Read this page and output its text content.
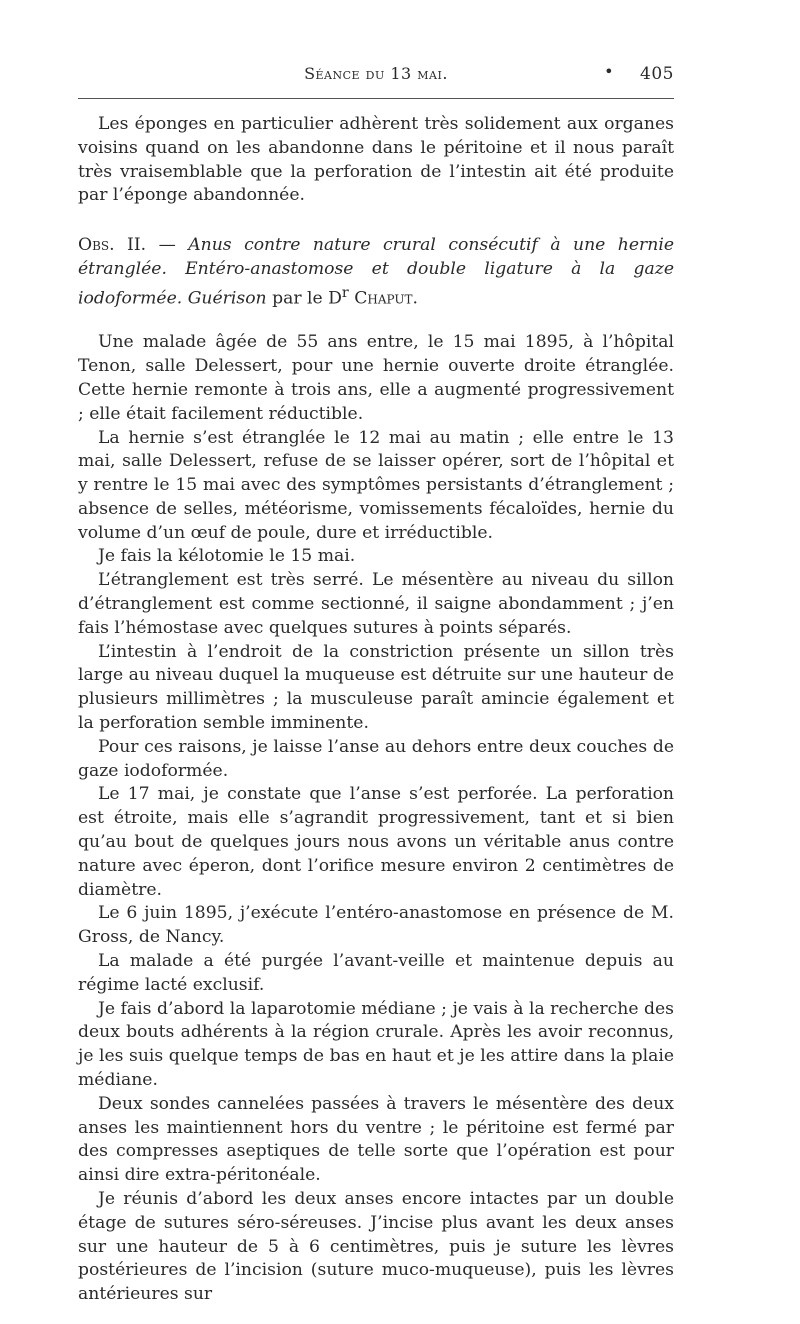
Séance du 13 mai.	• 405

Les éponges en particulier adhèrent très solidement aux organes voisins quand on les abandonne dans le péritoine et il nous paraît très vraisemblable que la perforation de l’intestin ait été produite par l’éponge abandonnée.

Obs. II. — Anus contre nature crural consécutif à une hernie étranglée. Entéro-anastomose et double ligature à la gaze iodoformée. Guérison par le $D^r$ Chaput.

Une malade âgée de 55 ans entre, le 15 mai 1895, à l’hôpital Tenon, salle Delessert, pour une hernie ouverte droite étranglée. Cette hernie remonte à trois ans, elle a augmenté progressivement ; elle était facilement réductible.

La hernie s’est étranglée le 12 mai au matin ; elle entre le 13 mai, salle Delessert, refuse de se laisser opérer, sort de l’hôpital et y rentre le 15 mai avec des symptômes persistants d’étranglement ; absence de selles, météorisme, vomissements fécaloïdes, hernie du volume d’un œuf de poule, dure et irréductible.

Je fais la kélotomie le 15 mai.

L’étranglement est très serré. Le mésentère au niveau du sillon d’étranglement est comme sectionné, il saigne abondamment ; j’en fais l’hémostase avec quelques sutures à points séparés.

L’intestin à l’endroit de la constriction présente un sillon très large au niveau duquel la muqueuse est détruite sur une hauteur de plusieurs millimètres ; la musculeuse paraît amincie également et la perforation semble imminente.

Pour ces raisons, je laisse l’anse au dehors entre deux couches de gaze iodoformée.

Le 17 mai, je constate que l’anse s’est perforée. La perforation est étroite, mais elle s’agrandit progressivement, tant et si bien qu’au bout de quelques jours nous avons un véritable anus contre nature avec éperon, dont l’orifice mesure environ 2 centimètres de diamètre.

Le 6 juin 1895, j’exécute l’entéro-anastomose en présence de M. Gross, de Nancy.

La malade a été purgée l’avant-veille et maintenue depuis au régime lacté exclusif.

Je fais d’abord la laparotomie médiane ; je vais à la recherche des deux bouts adhérents à la région crurale. Après les avoir reconnus, je les suis quelque temps de bas en haut et je les attire dans la plaie médiane.

Deux sondes cannelées passées à travers le mésentère des deux anses les maintiennent hors du ventre ; le péritoine est fermé par des compresses aseptiques de telle sorte que l’opération est pour ainsi dire extra-péritonéale.

Je réunis d’abord les deux anses encore intactes par un double étage de sutures séro-séreuses. J’incise plus avant les deux anses sur une hauteur de 5 à 6 centimètres, puis je suture les lèvres postérieures de l’incision (suture muco-muqueuse), puis les lèvres antérieures sur
